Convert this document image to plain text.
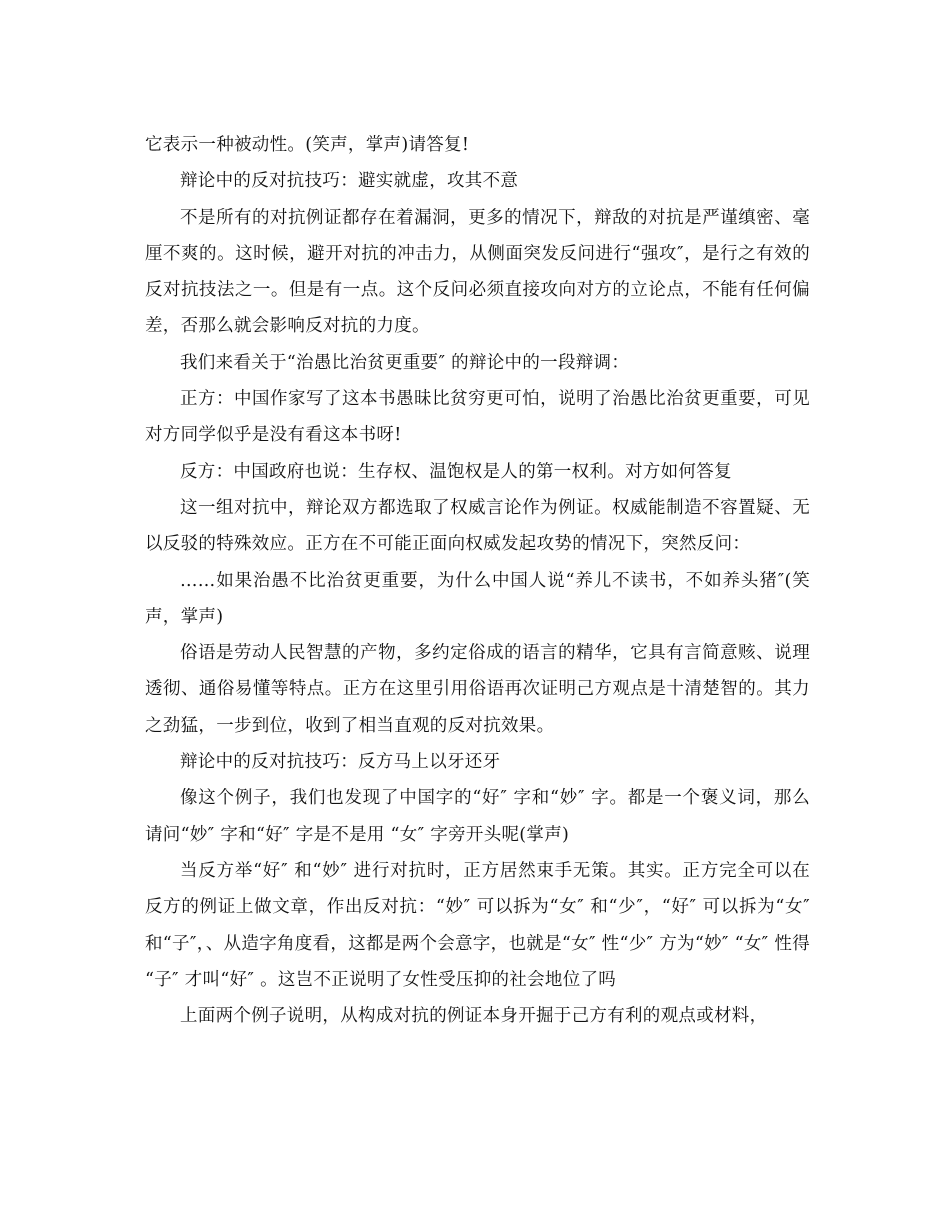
它表示一种被动性。(笑声，掌声)请答复!

辩论中的反对抗技巧：避实就虚，攻其不意

不是所有的对抗例证都存在着漏洞，更多的情况下，辩敌的对抗是严谨缜密、毫厘不爽的。这时候，避开对抗的冲击力，从侧面突发反问进行“强攻″，是行之有效的反对抗技法之一。但是有一点。这个反问必须直接攻向对方的立论点，不能有任何偏差，否那么就会影响反对抗的力度。

我们来看关于“治愚比治贫更重要″ 的辩论中的一段辩调：

正方：中国作家写了这本书愚昧比贫穷更可怕，说明了治愚比治贫更重要，可见对方同学似乎是没有看这本书呀!

反方：中国政府也说：生存权、温饱权是人的第一权利。对方如何答复

这一组对抗中，辩论双方都选取了权威言论作为例证。权威能制造不容置疑、无以反驳的特殊效应。正方在不可能正面向权威发起攻势的情况下，突然反问：

……如果治愚不比治贫更重要，为什么中国人说“养儿不读书，不如养头猪″(笑声，掌声)

俗语是劳动人民智慧的产物，多约定俗成的语言的精华，它具有言简意赅、说理透彻、通俗易懂等特点。正方在这里引用俗语再次证明己方观点是十清楚智的。其力之劲猛，一步到位，收到了相当直观的反对抗效果。

辩论中的反对抗技巧：反方马上以牙还牙

像这个例子，我们也发现了中国字的“好″ 字和“妙″ 字。都是一个褒义词，那么请问“妙″ 字和“好″ 字是不是用 “女″ 字旁开头呢(掌声)

当反方举“好″ 和“妙″ 进行对抗时，正方居然束手无策。其实。正方完全可以在反方的例证上做文章，作出反对抗：“妙″ 可以拆为“女″ 和“少″，“好″ 可以拆为“女″ 和“子″，、从造字角度看，这都是两个会意字，也就是“女″ 性“少″ 方为“妙″ “女″ 性得 “子″ 才叫“好″ 。这岂不正说明了女性受压抑的社会地位了吗

上面两个例子说明，从构成对抗的例证本身开掘于己方有利的观点或材料，
